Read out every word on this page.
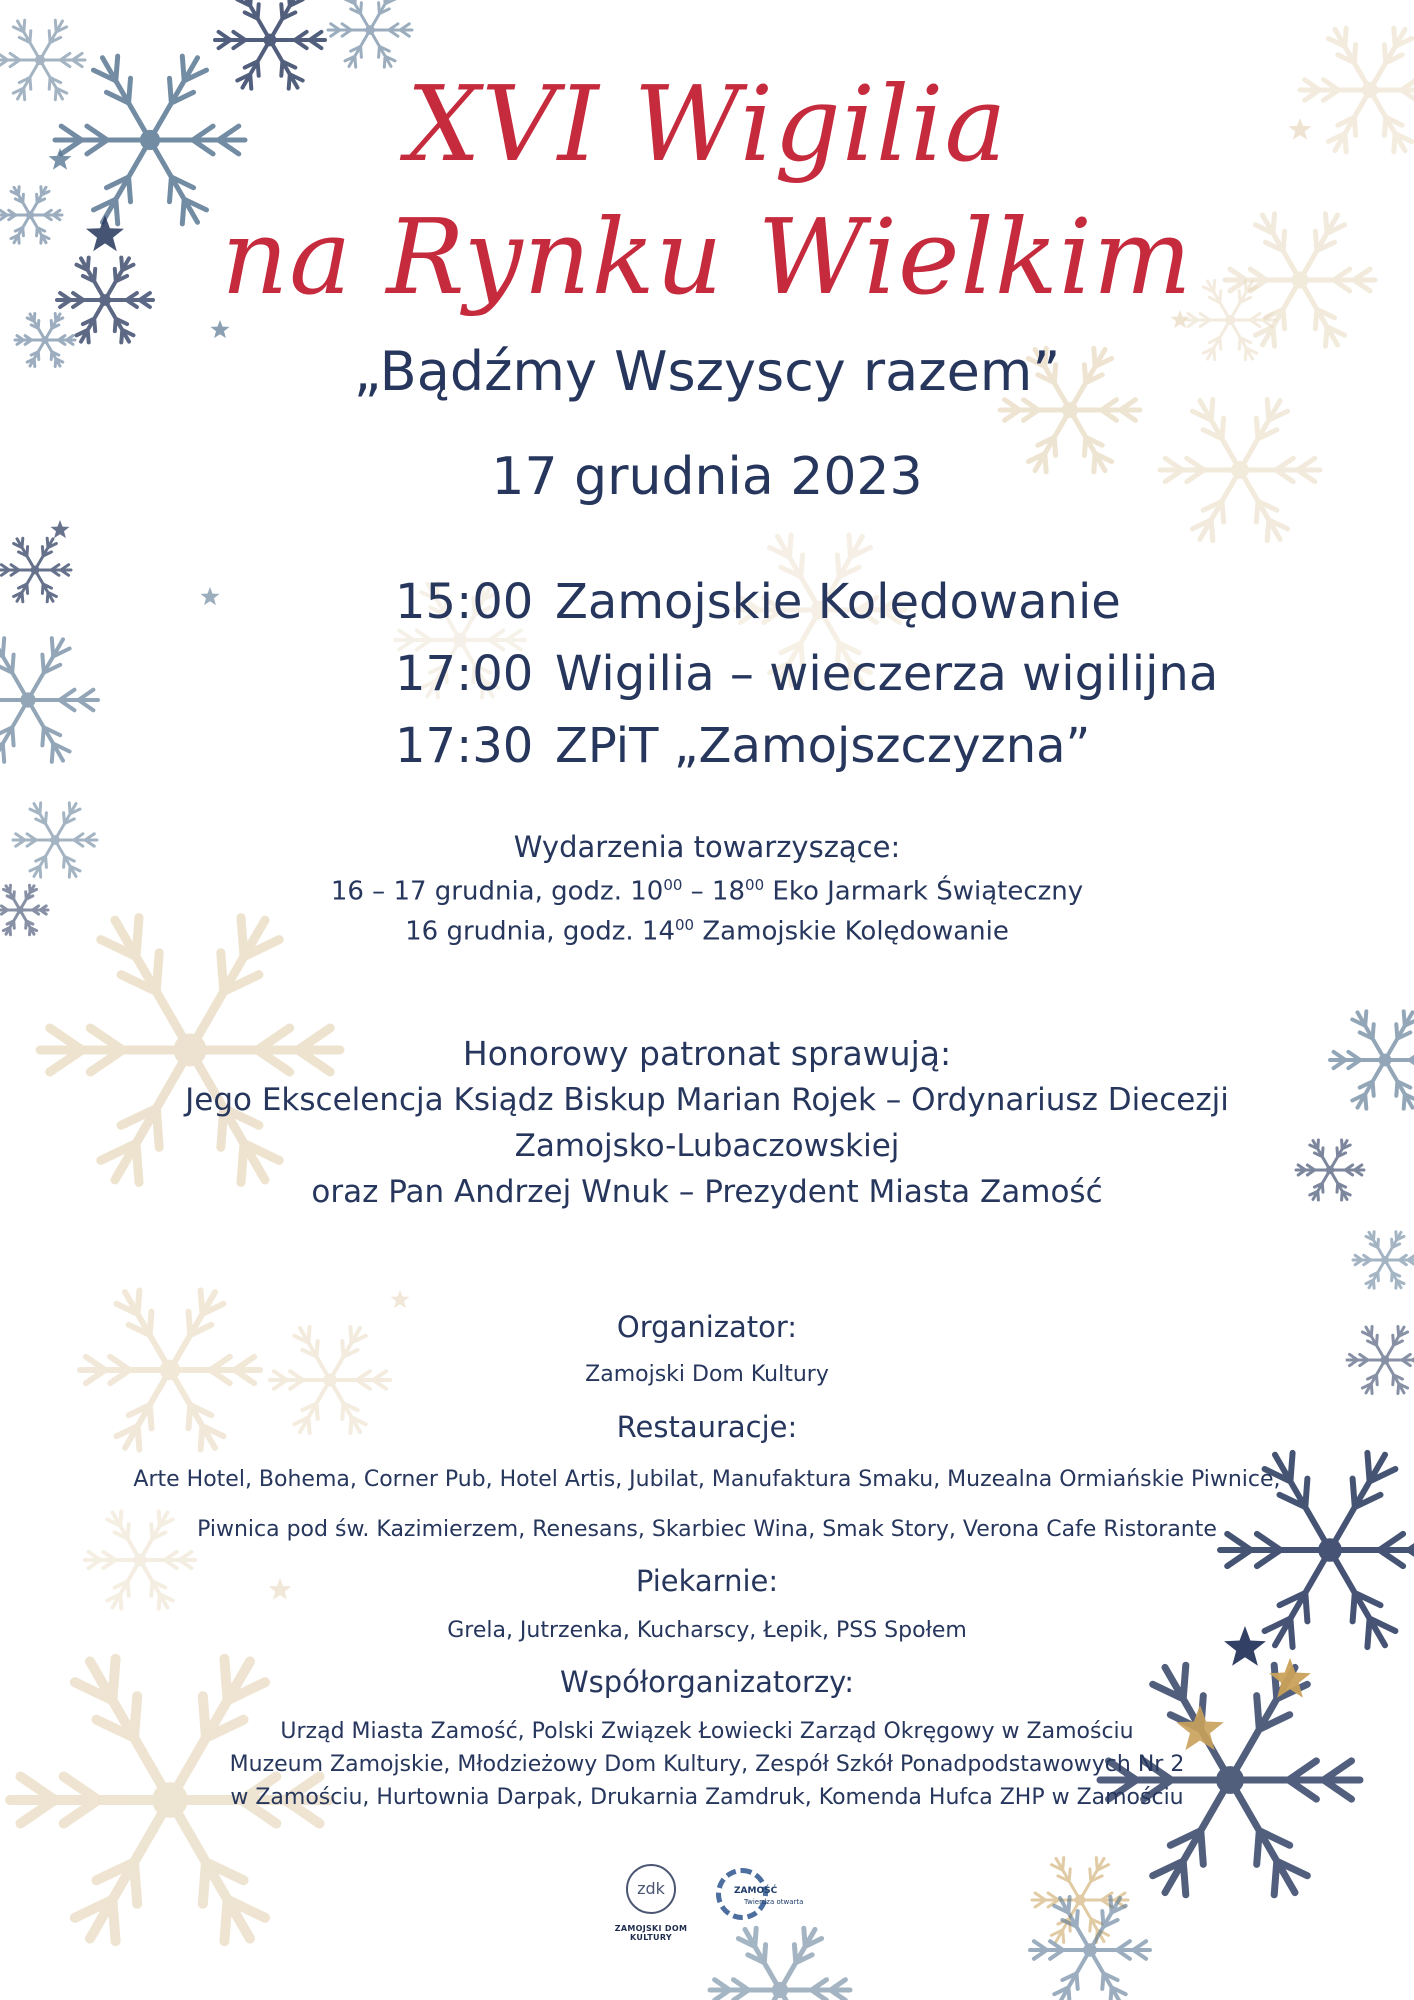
XVI Wigilia
na Rynku Wielkim
„Bądźmy Wszyscy razem”
17 grudnia 2023
15:00 Zamojskie Kolędowanie
17:00 Wigilia – wieczerza wigilijna
17:30 ZPiT „Zamojszczyzna”
Wydarzenia towarzyszące:
16 – 17 grudnia, godz. $10^{00} - 18^{00}$ Eko Jarmark Świąteczny
16 grudnia, godz. $14^{00}$ Zamojskie Kolędowanie
Honorowy patronat sprawują:
Jego Ekscelencja Ksiądz Biskup Marian Rojek – Ordynariusz Diecezji
Zamojsko-Lubaczowskiej
oraz Pan Andrzej Wnuk – Prezydent Miasta Zamość
Organizator:
Zamojski Dom Kultury
Restauracje:
Arte Hotel, Bohema, Corner Pub, Hotel Artis, Jubilat, Manufaktura Smaku, Muzealna Ormiańskie Piwnice,
Piwnica pod św. Kazimierzem, Renesans, Skarbiec Wina, Smak Story, Verona Cafe Ristorante
Piekarnie:
Grela, Jutrzenka, Kucharscy, Łepik, PSS Społem
Współorganizatorzy:
Urząd Miasta Zamość, Polski Związek Łowiecki Zarząd Okręgowy w Zamościu
Muzeum Zamojskie, Młodzieżowy Dom Kultury, Zespół Szkół Ponadpodstawowych Nr 2
w Zamościu, Hurtownia Darpak, Drukarnia Zamdruk, Komenda Hufca ZHP w Zamościu
zdk
ZAMOJSKI DOM KULTURY
ZAMOŚĆ
Twierdza otwarta
